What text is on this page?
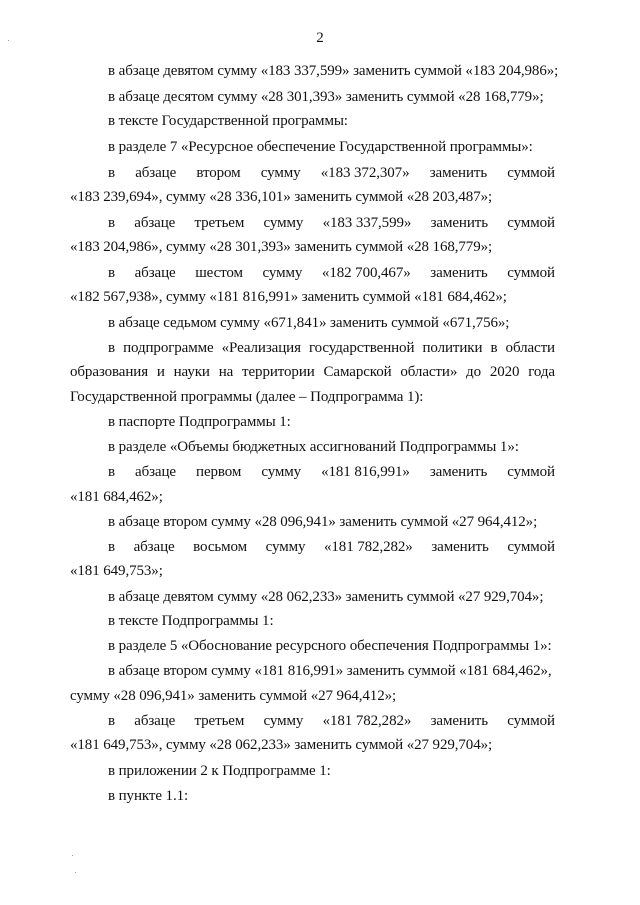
2
в абзаце девятом сумму «183 337,599» заменить суммой «183 204,986»;
в абзаце десятом сумму «28 301,393» заменить суммой «28 168,779»;
в тексте Государственной программы:
в разделе 7 «Ресурсное обеспечение Государственной программы»:
в абзаце втором сумму «183 372,307» заменить суммой
«183 239,694», сумму «28 336,101» заменить суммой «28 203,487»;
в абзаце третьем сумму «183 337,599» заменить суммой
«183 204,986», сумму «28 301,393» заменить суммой «28 168,779»;
в абзаце шестом сумму «182 700,467» заменить суммой
«182 567,938», сумму «181 816,991» заменить суммой «181 684,462»;
в абзаце седьмом сумму «671,841» заменить суммой «671,756»;
в подпрограмме «Реализация государственной политики в области
образования и науки на территории Самарской области» до 2020 года
Государственной программы (далее – Подпрограмма 1):
в паспорте Подпрограммы 1:
в разделе «Объемы бюджетных ассигнований Подпрограммы 1»:
в абзаце первом сумму «181 816,991» заменить суммой
«181 684,462»;
в абзаце втором сумму «28 096,941» заменить суммой «27 964,412»;
в абзаце восьмом сумму «181 782,282» заменить суммой
«181 649,753»;
в абзаце девятом сумму «28 062,233» заменить суммой «27 929,704»;
в тексте Подпрограммы 1:
в разделе 5 «Обоснование ресурсного обеспечения Подпрограммы 1»:
в абзаце втором сумму «181 816,991» заменить суммой «181 684,462»,
сумму «28 096,941» заменить суммой «27 964,412»;
в абзаце третьем сумму «181 782,282» заменить суммой
«181 649,753», сумму «28 062,233» заменить суммой «27 929,704»;
в приложении 2 к Подпрограмме 1:
в пункте 1.1:
